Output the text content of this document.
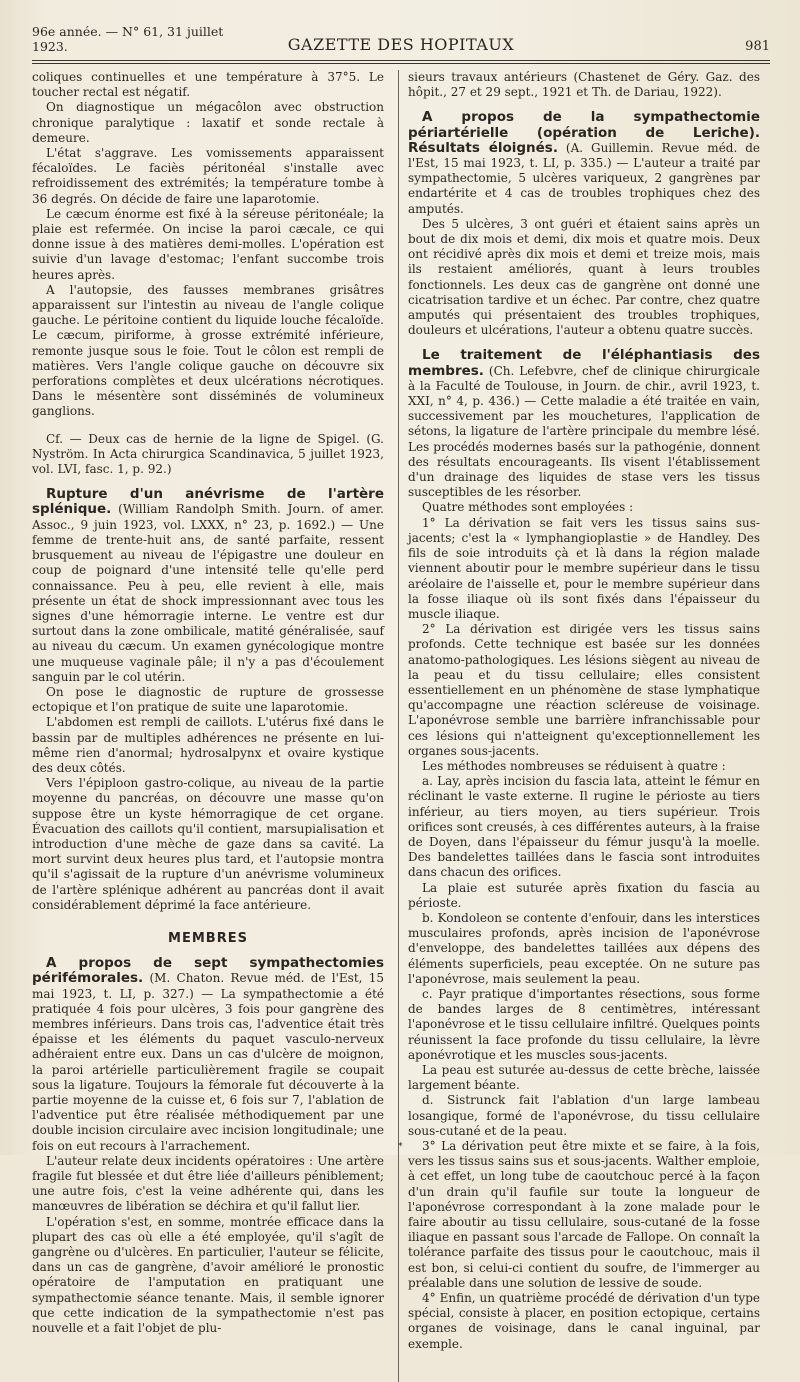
96e année. — N° 61, 31 juillet 1923.	GAZETTE DES HOPITAUX	981

coliques continuelles et une température à 37°5. Le toucher rectal est négatif.

On diagnostique un mégacôlon avec obstruction chronique paralytique : laxatif et sonde rectale à demeure.

L'état s'aggrave. Les vomissements apparaissent fécaloïdes. Le faciès péritonéal s'installe avec refroidissement des extrémités; la température tombe à 36 degrés. On décide de faire une laparotomie.

Le cæcum énorme est fixé à la séreuse péritonéale; la plaie est refermée. On incise la paroi cæcale, ce qui donne issue à des matières demi-molles. L'opération est suivie d'un lavage d'estomac; l'enfant succombe trois heures après.

A l'autopsie, des fausses membranes grisâtres apparaissent sur l'intestin au niveau de l'angle colique gauche. Le péritoine contient du liquide louche fécaloïde. Le cæcum, piriforme, à grosse extrémité inférieure, remonte jusque sous le foie. Tout le côlon est rempli de matières. Vers l'angle colique gauche on découvre six perforations complètes et deux ulcérations nécrotiques. Dans le mésentère sont disséminés de volumineux ganglions.

Cf. — Deux cas de hernie de la ligne de Spigel. (G. Nyström. In Acta chirurgica Scandinavica, 5 juillet 1923, vol. LVI, fasc. 1, p. 92.)

Rupture d'un anévrisme de l'artère splénique. (William Randolph Smith. Journ. of amer. Assoc., 9 juin 1923, vol. LXXX, n° 23, p. 1692.) — Une femme de trente-huit ans, de santé parfaite, ressent brusquement au niveau de l'épigastre une douleur en coup de poignard d'une intensité telle qu'elle perd connaissance. Peu à peu, elle revient à elle, mais présente un état de shock impressionnant avec tous les signes d'une hémorragie interne. Le ventre est dur surtout dans la zone ombilicale, matité généralisée, sauf au niveau du cæcum. Un examen gynécologique montre une muqueuse vaginale pâle; il n'y a pas d'écoulement sanguin par le col utérin.

On pose le diagnostic de rupture de grossesse ectopique et l'on pratique de suite une laparotomie.

L'abdomen est rempli de caillots. L'utérus fixé dans le bassin par de multiples adhérences ne présente en lui-même rien d'anormal; hydrosalpynx et ovaire kystique des deux côtés.

Vers l'épiploon gastro-colique, au niveau de la partie moyenne du pancréas, on découvre une masse qu'on suppose être un kyste hémorragique de cet organe. Évacuation des caillots qu'il contient, marsupialisation et introduction d'une mèche de gaze dans sa cavité. La mort survint deux heures plus tard, et l'autopsie montra qu'il s'agissait de la rupture d'un anévrisme volumineux de l'artère splénique adhérent au pancréas dont il avait considérablement déprimé la face antérieure.

MEMBRES

A propos de sept sympathectomies périfémorales. (M. Chaton. Revue méd. de l'Est, 15 mai 1923, t. LI, p. 327.) — La sympathectomie a été pratiquée 4 fois pour ulcères, 3 fois pour gangrène des membres inférieurs. Dans trois cas, l'adventice était très épaisse et les éléments du paquet vasculo-nerveux adhéraient entre eux. Dans un cas d'ulcère de moignon, la paroi artérielle particulièrement fragile se coupait sous la ligature. Toujours la fémorale fut découverte à la partie moyenne de la cuisse et, 6 fois sur 7, l'ablation de l'adventice put être réalisée méthodiquement par une double incision circulaire avec incision longitudinale; une fois on eut recours à l'arrachement.

L'auteur relate deux incidents opératoires : Une artère fragile fut blessée et dut être liée d'ailleurs péniblement; une autre fois, c'est la veine adhérente qui, dans les manœuvres de libération se déchira et qu'il fallut lier.

L'opération s'est, en somme, montrée efficace dans la plupart des cas où elle a été employée, qu'il s'agît de gangrène ou d'ulcères. En particulier, l'auteur se félicite, dans un cas de gangrène, d'avoir amélioré le pronostic opératoire de l'amputation en pratiquant une sympathectomie séance tenante. Mais, il semble ignorer que cette indication de la sympathectomie n'est pas nouvelle et a fait l'objet de plu-

sieurs travaux antérieurs (Chastenet de Géry. Gaz. des hôpit., 27 et 29 sept., 1921 et Th. de Dariau, 1922).

A propos de la sympathectomie périartérielle (opération de Leriche). Résultats éloignés. (A. Guillemin. Revue méd. de l'Est, 15 mai 1923, t. LI, p. 335.) — L'auteur a traité par sympathectomie, 5 ulcères variqueux, 2 gangrènes par endartérite et 4 cas de troubles trophiques chez des amputés.

Des 5 ulcères, 3 ont guéri et étaient sains après un bout de dix mois et demi, dix mois et quatre mois. Deux ont récidivé après dix mois et demi et treize mois, mais ils restaient améliorés, quant à leurs troubles fonctionnels. Les deux cas de gangrène ont donné une cicatrisation tardive et un échec. Par contre, chez quatre amputés qui présentaient des troubles trophiques, douleurs et ulcérations, l'auteur a obtenu quatre succès.

Le traitement de l'éléphantiasis des membres. (Ch. Lefebvre, chef de clinique chirurgicale à la Faculté de Toulouse, in Journ. de chir., avril 1923, t. XXI, n° 4, p. 436.) — Cette maladie a été traitée en vain, successivement par les mouchetures, l'application de sétons, la ligature de l'artère principale du membre lésé. Les procédés modernes basés sur la pathogénie, donnent des résultats encourageants. Ils visent l'établissement d'un drainage des liquides de stase vers les tissus susceptibles de les résorber.

Quatre méthodes sont employées :

1° La dérivation se fait vers les tissus sains sus-jacents; c'est la « lymphangioplastie » de Handley. Des fils de soie introduits çà et là dans la région malade viennent aboutir pour le membre supérieur dans le tissu aréolaire de l'aisselle et, pour le membre supérieur dans la fosse iliaque où ils sont fixés dans l'épaisseur du muscle iliaque.

2° La dérivation est dirigée vers les tissus sains profonds. Cette technique est basée sur les données anatomo-pathologiques. Les lésions siègent au niveau de la peau et du tissu cellulaire; elles consistent essentiellement en un phénomène de stase lymphatique qu'accompagne une réaction scléreuse de voisinage. L'aponévrose semble une barrière infranchissable pour ces lésions qui n'atteignent qu'exceptionnellement les organes sous-jacents.

Les méthodes nombreuses se réduisent à quatre :

a. Lay, après incision du fascia lata, atteint le fémur en réclinant le vaste externe. Il rugine le périoste au tiers inférieur, au tiers moyen, au tiers supérieur. Trois orifices sont creusés, à ces différentes auteurs, à la fraise de Doyen, dans l'épaisseur du fémur jusqu'à la moelle. Des bandelettes taillées dans le fascia sont introduites dans chacun des orifices.

La plaie est suturée après fixation du fascia au périoste.

b. Kondoleon se contente d'enfouir, dans les interstices musculaires profonds, après incision de l'aponévrose d'enveloppe, des bandelettes taillées aux dépens des éléments superficiels, peau exceptée. On ne suture pas l'aponévrose, mais seulement la peau.

c. Payr pratique d'importantes résections, sous forme de bandes larges de 8 centimètres, intéressant l'aponévrose et le tissu cellulaire infiltré. Quelques points réunissent la face profonde du tissu cellulaire, la lèvre aponévrotique et les muscles sous-jacents.

La peau est suturée au-dessus de cette brèche, laissée largement béante.

d. Sistrunck fait l'ablation d'un large lambeau losangique, formé de l'aponévrose, du tissu cellulaire sous-cutané et de la peau.

3° La dérivation peut être mixte et se faire, à la fois, vers les tissus sains sus et sous-jacents. Walther emploie, à cet effet, un long tube de caoutchouc percé à la façon d'un drain qu'il faufile sur toute la longueur de l'aponévrose correspondant à la zone malade pour le faire aboutir au tissu cellulaire, sous-cutané de la fosse iliaque en passant sous l'arcade de Fallope. On connaît la tolérance parfaite des tissus pour le caoutchouc, mais il est bon, si celui-ci contient du soufre, de l'immerger au préalable dans une solution de lessive de soude.

4° Enfin, un quatrième procédé de dérivation d'un type spécial, consiste à placer, en position ectopique, certains organes de voisinage, dans le canal inguinal, par exemple.

*
